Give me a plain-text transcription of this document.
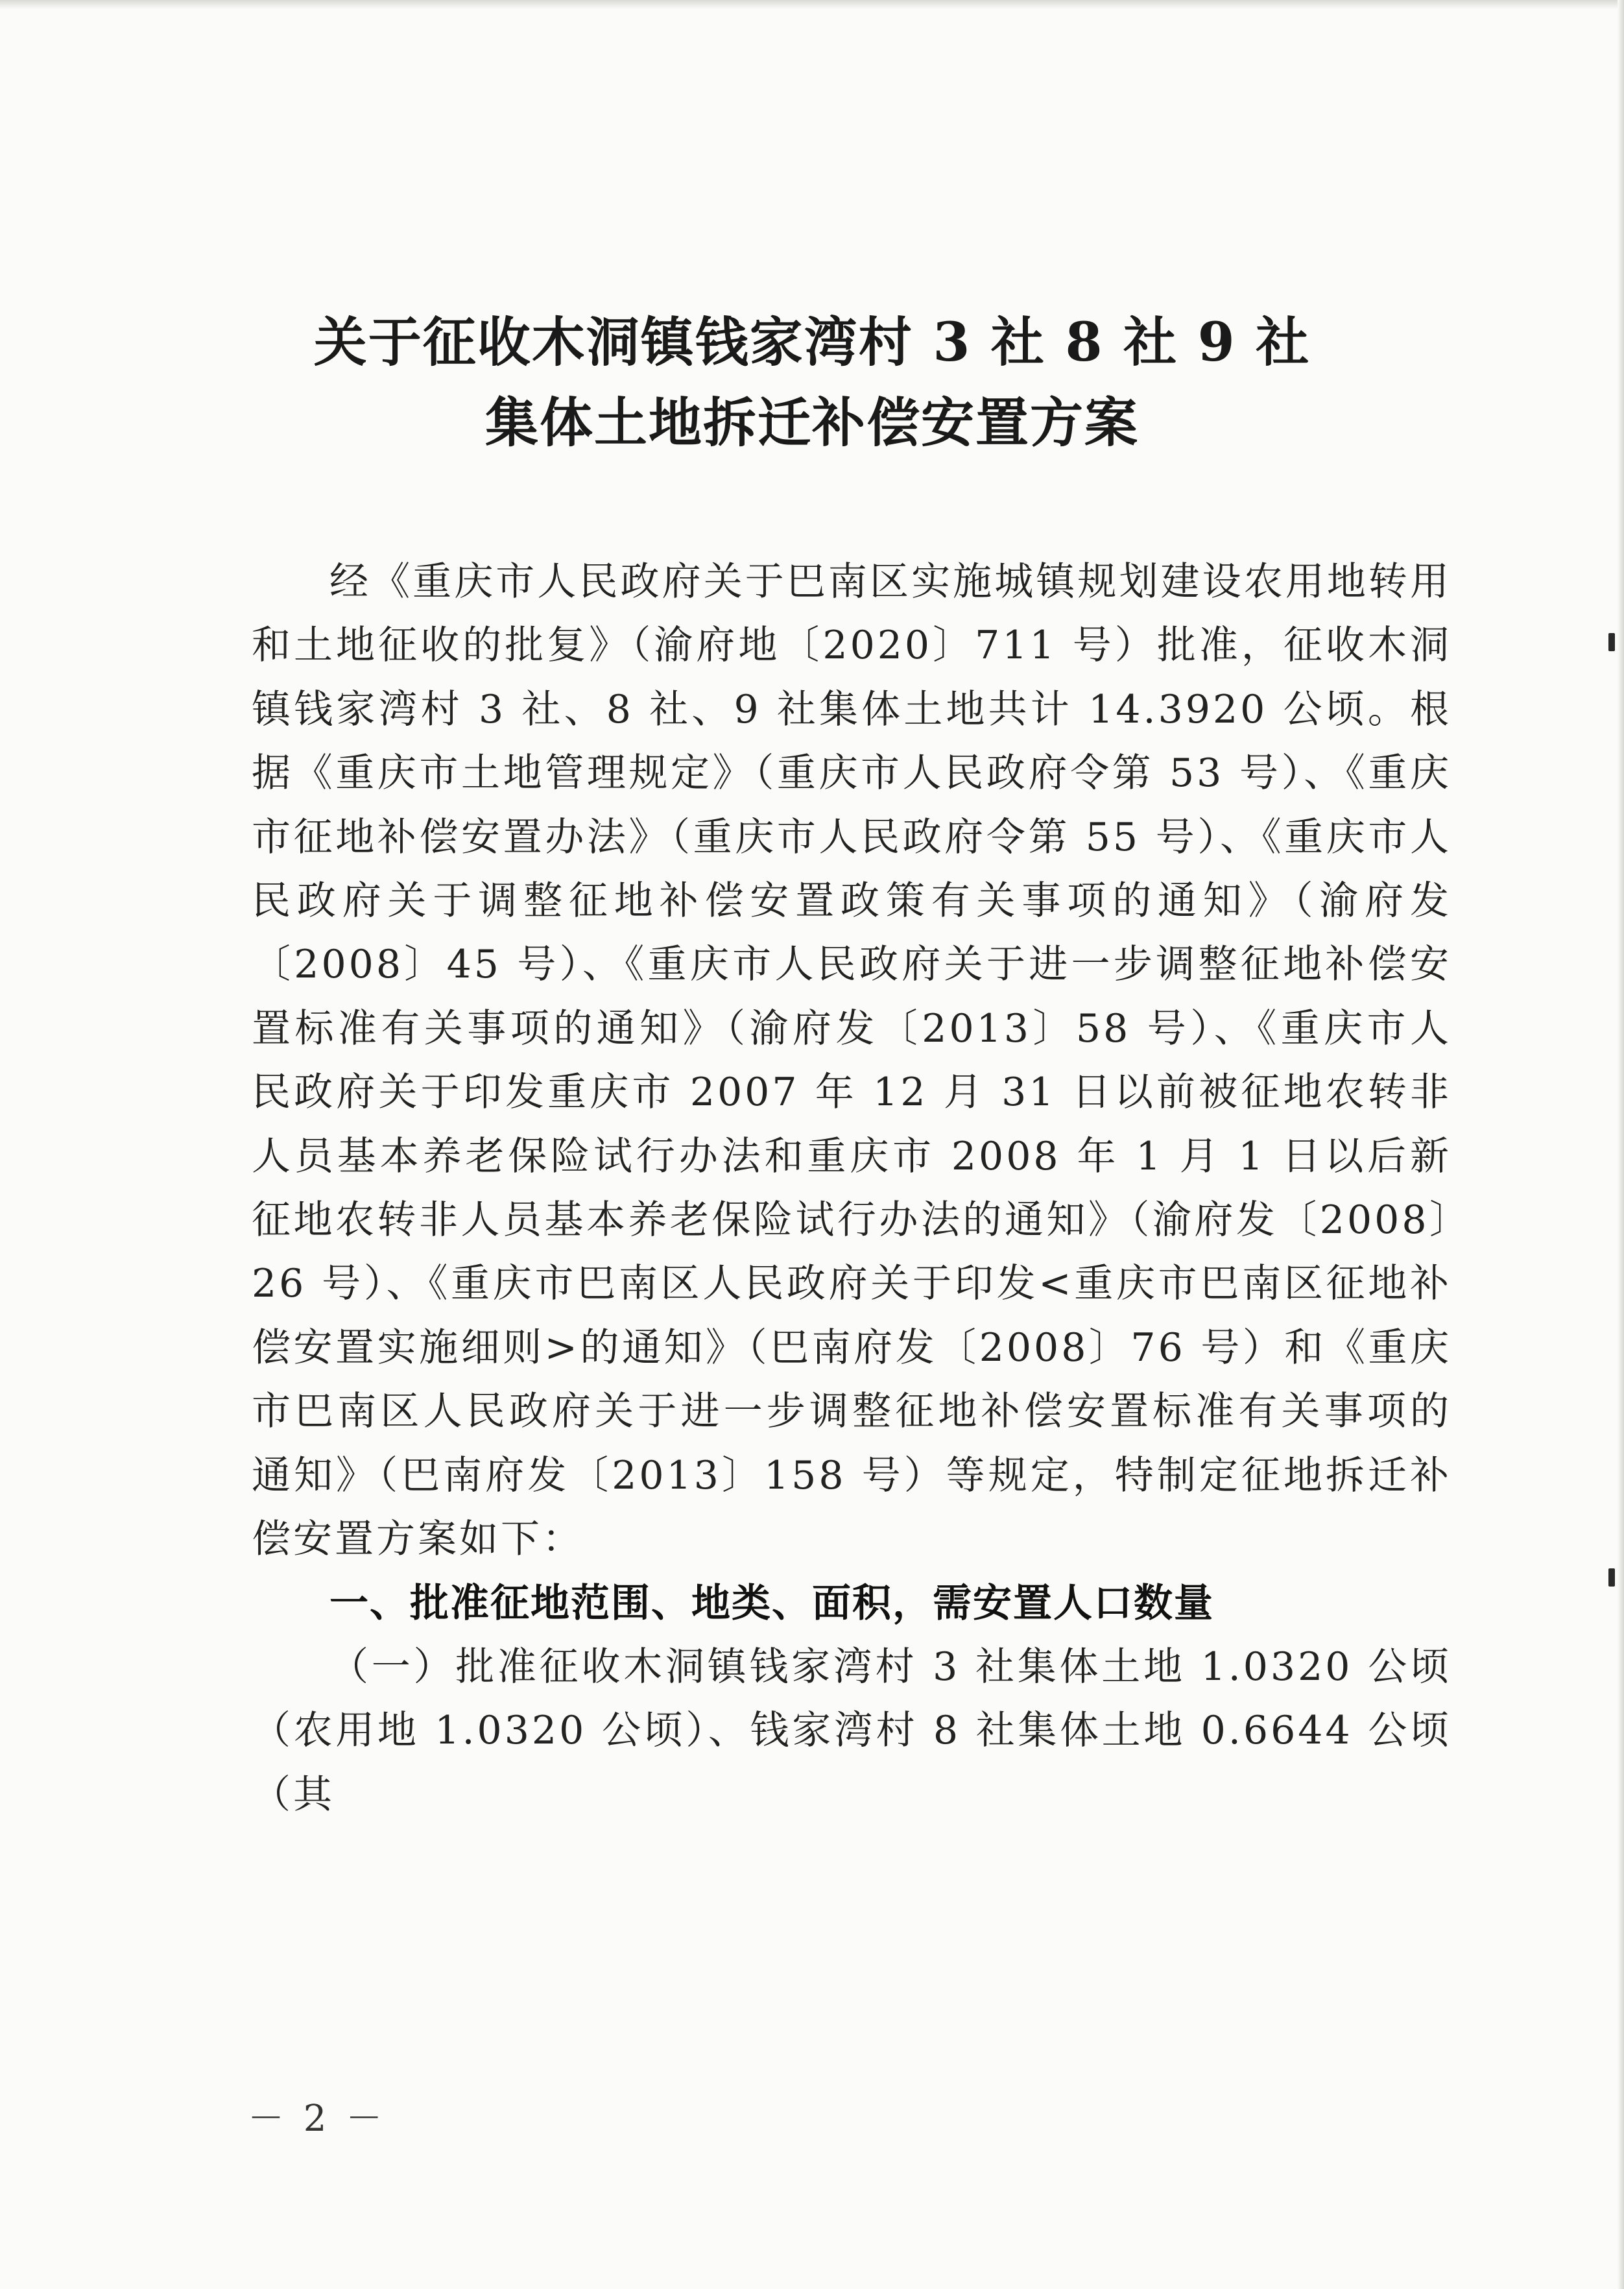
关于征收木洞镇钱家湾村 3 社 8 社 9 社
集体土地拆迁补偿安置方案

经《重庆市人民政府关于巴南区实施城镇规划建设农用地转用和土地征收的批复》（渝府地〔2020〕711 号）批准，征收木洞镇钱家湾村 3 社、8 社、9 社集体土地共计 14.3920 公顷。根据《重庆市土地管理规定》（重庆市人民政府令第 53 号）、《重庆市征地补偿安置办法》（重庆市人民政府令第 55 号）、《重庆市人民政府关于调整征地补偿安置政策有关事项的通知》（渝府发〔2008〕45 号）、《重庆市人民政府关于进一步调整征地补偿安置标准有关事项的通知》（渝府发〔2013〕58 号）、《重庆市人民政府关于印发重庆市 2007 年 12 月 31 日以前被征地农转非人员基本养老保险试行办法和重庆市 2008 年 1 月 1 日以后新征地农转非人员基本养老保险试行办法的通知》（渝府发〔2008〕26 号）、《重庆市巴南区人民政府关于印发<重庆市巴南区征地补偿安置实施细则>的通知》（巴南府发〔2008〕76 号）和《重庆市巴南区人民政府关于进一步调整征地补偿安置标准有关事项的通知》（巴南府发〔2013〕158 号）等规定，特制定征地拆迁补偿安置方案如下：

一、批准征地范围、地类、面积，需安置人口数量

（一）批准征收木洞镇钱家湾村 3 社集体土地 1.0320 公顷（农用地 1.0320 公顷）、钱家湾村 8 社集体土地 0.6644 公顷（其

－ 2 －
